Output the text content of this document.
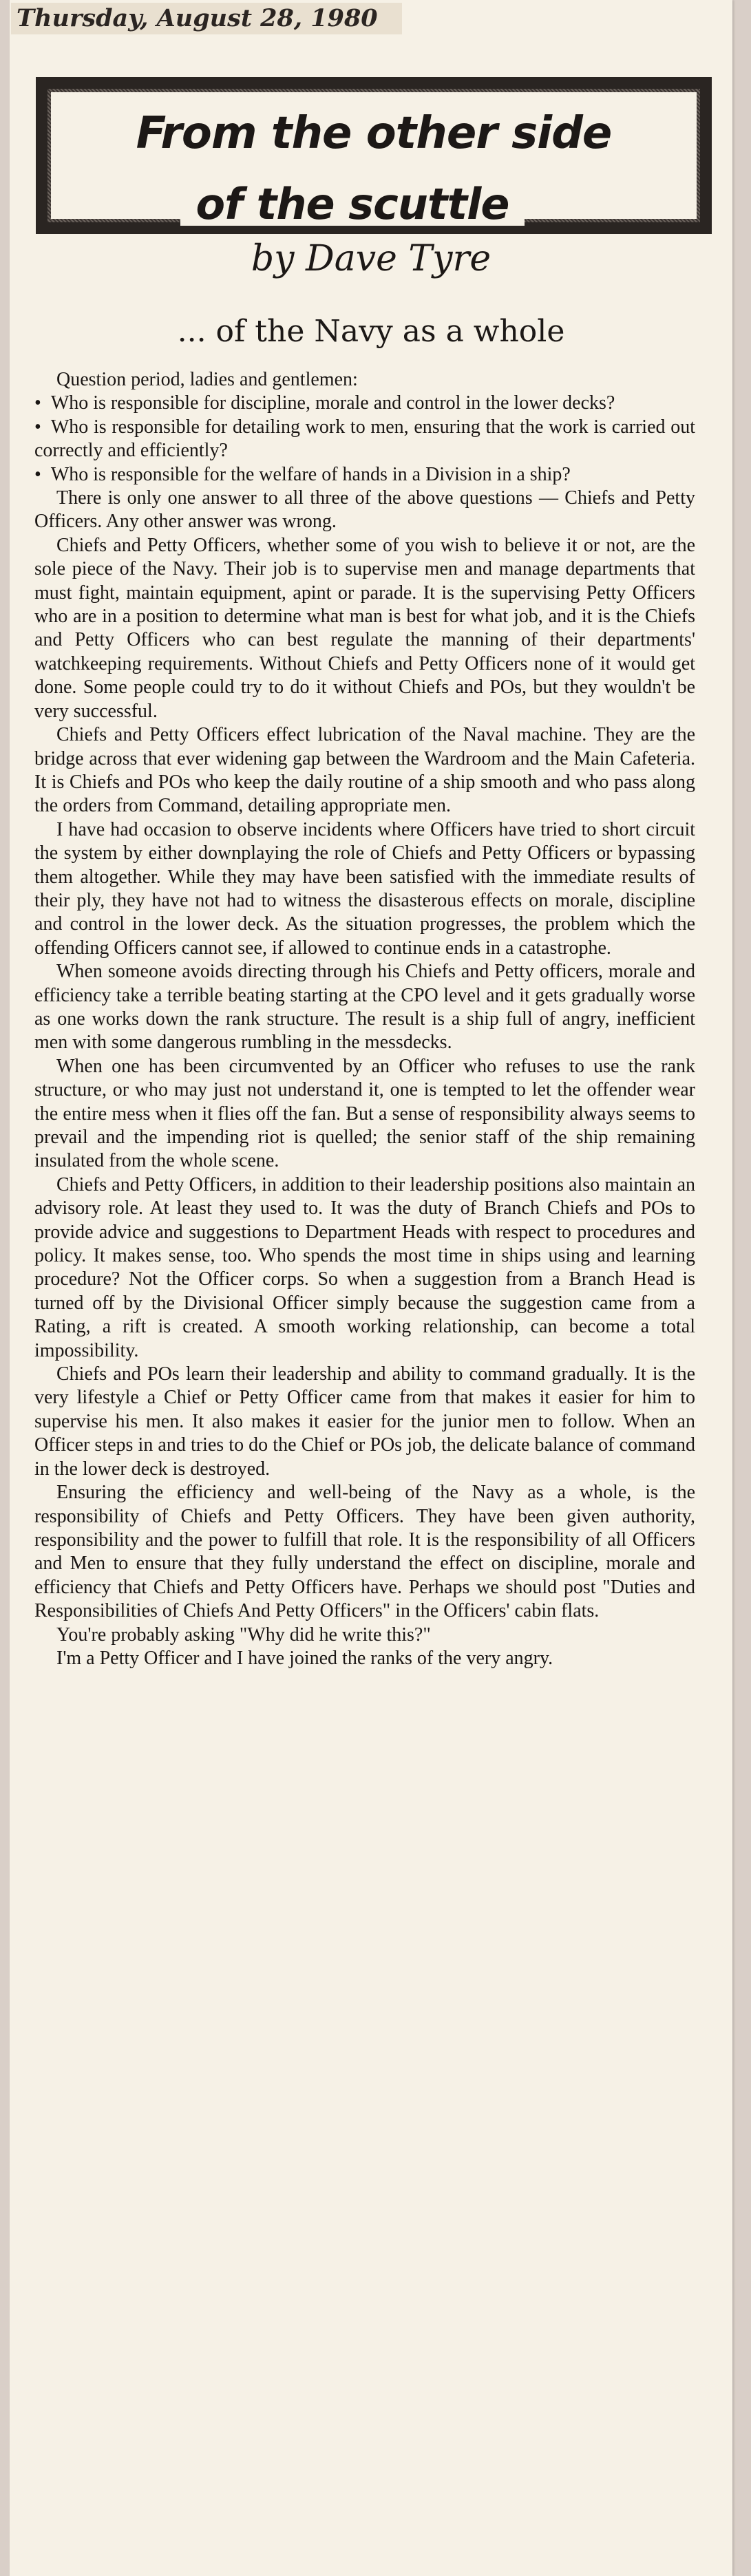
Thursday, August 28, 1980
From the other side
of the scuttle
by Dave Tyre
... of the Navy as a whole

Question period, ladies and gentlemen:

• Who is responsible for discipline, morale and control in the lower decks?

• Who is responsible for detailing work to men, ensuring that the work is carried out correctly and efficiently?

• Who is responsible for the welfare of hands in a Division in a ship?

There is only one answer to all three of the above questions — Chiefs and Petty Officers. Any other answer was wrong.

Chiefs and Petty Officers, whether some of you wish to believe it or not, are the sole piece of the Navy. Their job is to supervise men and manage departments that must fight, maintain equipment, apint or parade. It is the supervising Petty Officers who are in a position to determine what man is best for what job, and it is the Chiefs and Petty Officers who can best regulate the manning of their departments' watchkeeping requirements. Without Chiefs and Petty Officers none of it would get done. Some people could try to do it without Chiefs and POs, but they wouldn't be very successful.

Chiefs and Petty Officers effect lubrication of the Naval machine. They are the bridge across that ever widening gap between the Wardroom and the Main Cafeteria. It is Chiefs and POs who keep the daily routine of a ship smooth and who pass along the orders from Command, detailing appropriate men.

I have had occasion to observe incidents where Officers have tried to short circuit the system by either downplaying the role of Chiefs and Petty Officers or bypassing them altogether. While they may have been satisfied with the immediate results of their ply, they have not had to witness the disasterous effects on morale, discipline and control in the lower deck. As the situation progresses, the problem which the offending Officers cannot see, if allowed to continue ends in a catastrophe.

When someone avoids directing through his Chiefs and Petty officers, morale and efficiency take a terrible beating starting at the CPO level and it gets gradually worse as one works down the rank structure. The result is a ship full of angry, inefficient men with some dangerous rumbling in the messdecks.

When one has been circumvented by an Officer who refuses to use the rank structure, or who may just not understand it, one is tempted to let the offender wear the entire mess when it flies off the fan. But a sense of responsibility always seems to prevail and the impending riot is quelled; the senior staff of the ship remaining insulated from the whole scene.

Chiefs and Petty Officers, in addition to their leadership positions also maintain an advisory role. At least they used to. It was the duty of Branch Chiefs and POs to provide advice and suggestions to Department Heads with respect to procedures and policy. It makes sense, too. Who spends the most time in ships using and learning procedure? Not the Officer corps. So when a suggestion from a Branch Head is turned off by the Divisional Officer simply because the suggestion came from a Rating, a rift is created. A smooth working relationship, can become a total impossibility.

Chiefs and POs learn their leadership and ability to command gradually. It is the very lifestyle a Chief or Petty Officer came from that makes it easier for him to supervise his men. It also makes it easier for the junior men to follow. When an Officer steps in and tries to do the Chief or POs job, the delicate balance of command in the lower deck is destroyed.

Ensuring the efficiency and well-being of the Navy as a whole, is the responsibility of Chiefs and Petty Officers. They have been given authority, responsibility and the power to fulfill that role. It is the responsibility of all Officers and Men to ensure that they fully understand the effect on discipline, morale and efficiency that Chiefs and Petty Officers have. Perhaps we should post "Duties and Responsibilities of Chiefs And Petty Officers" in the Officers' cabin flats.

You're probably asking "Why did he write this?"

I'm a Petty Officer and I have joined the ranks of the very angry.
